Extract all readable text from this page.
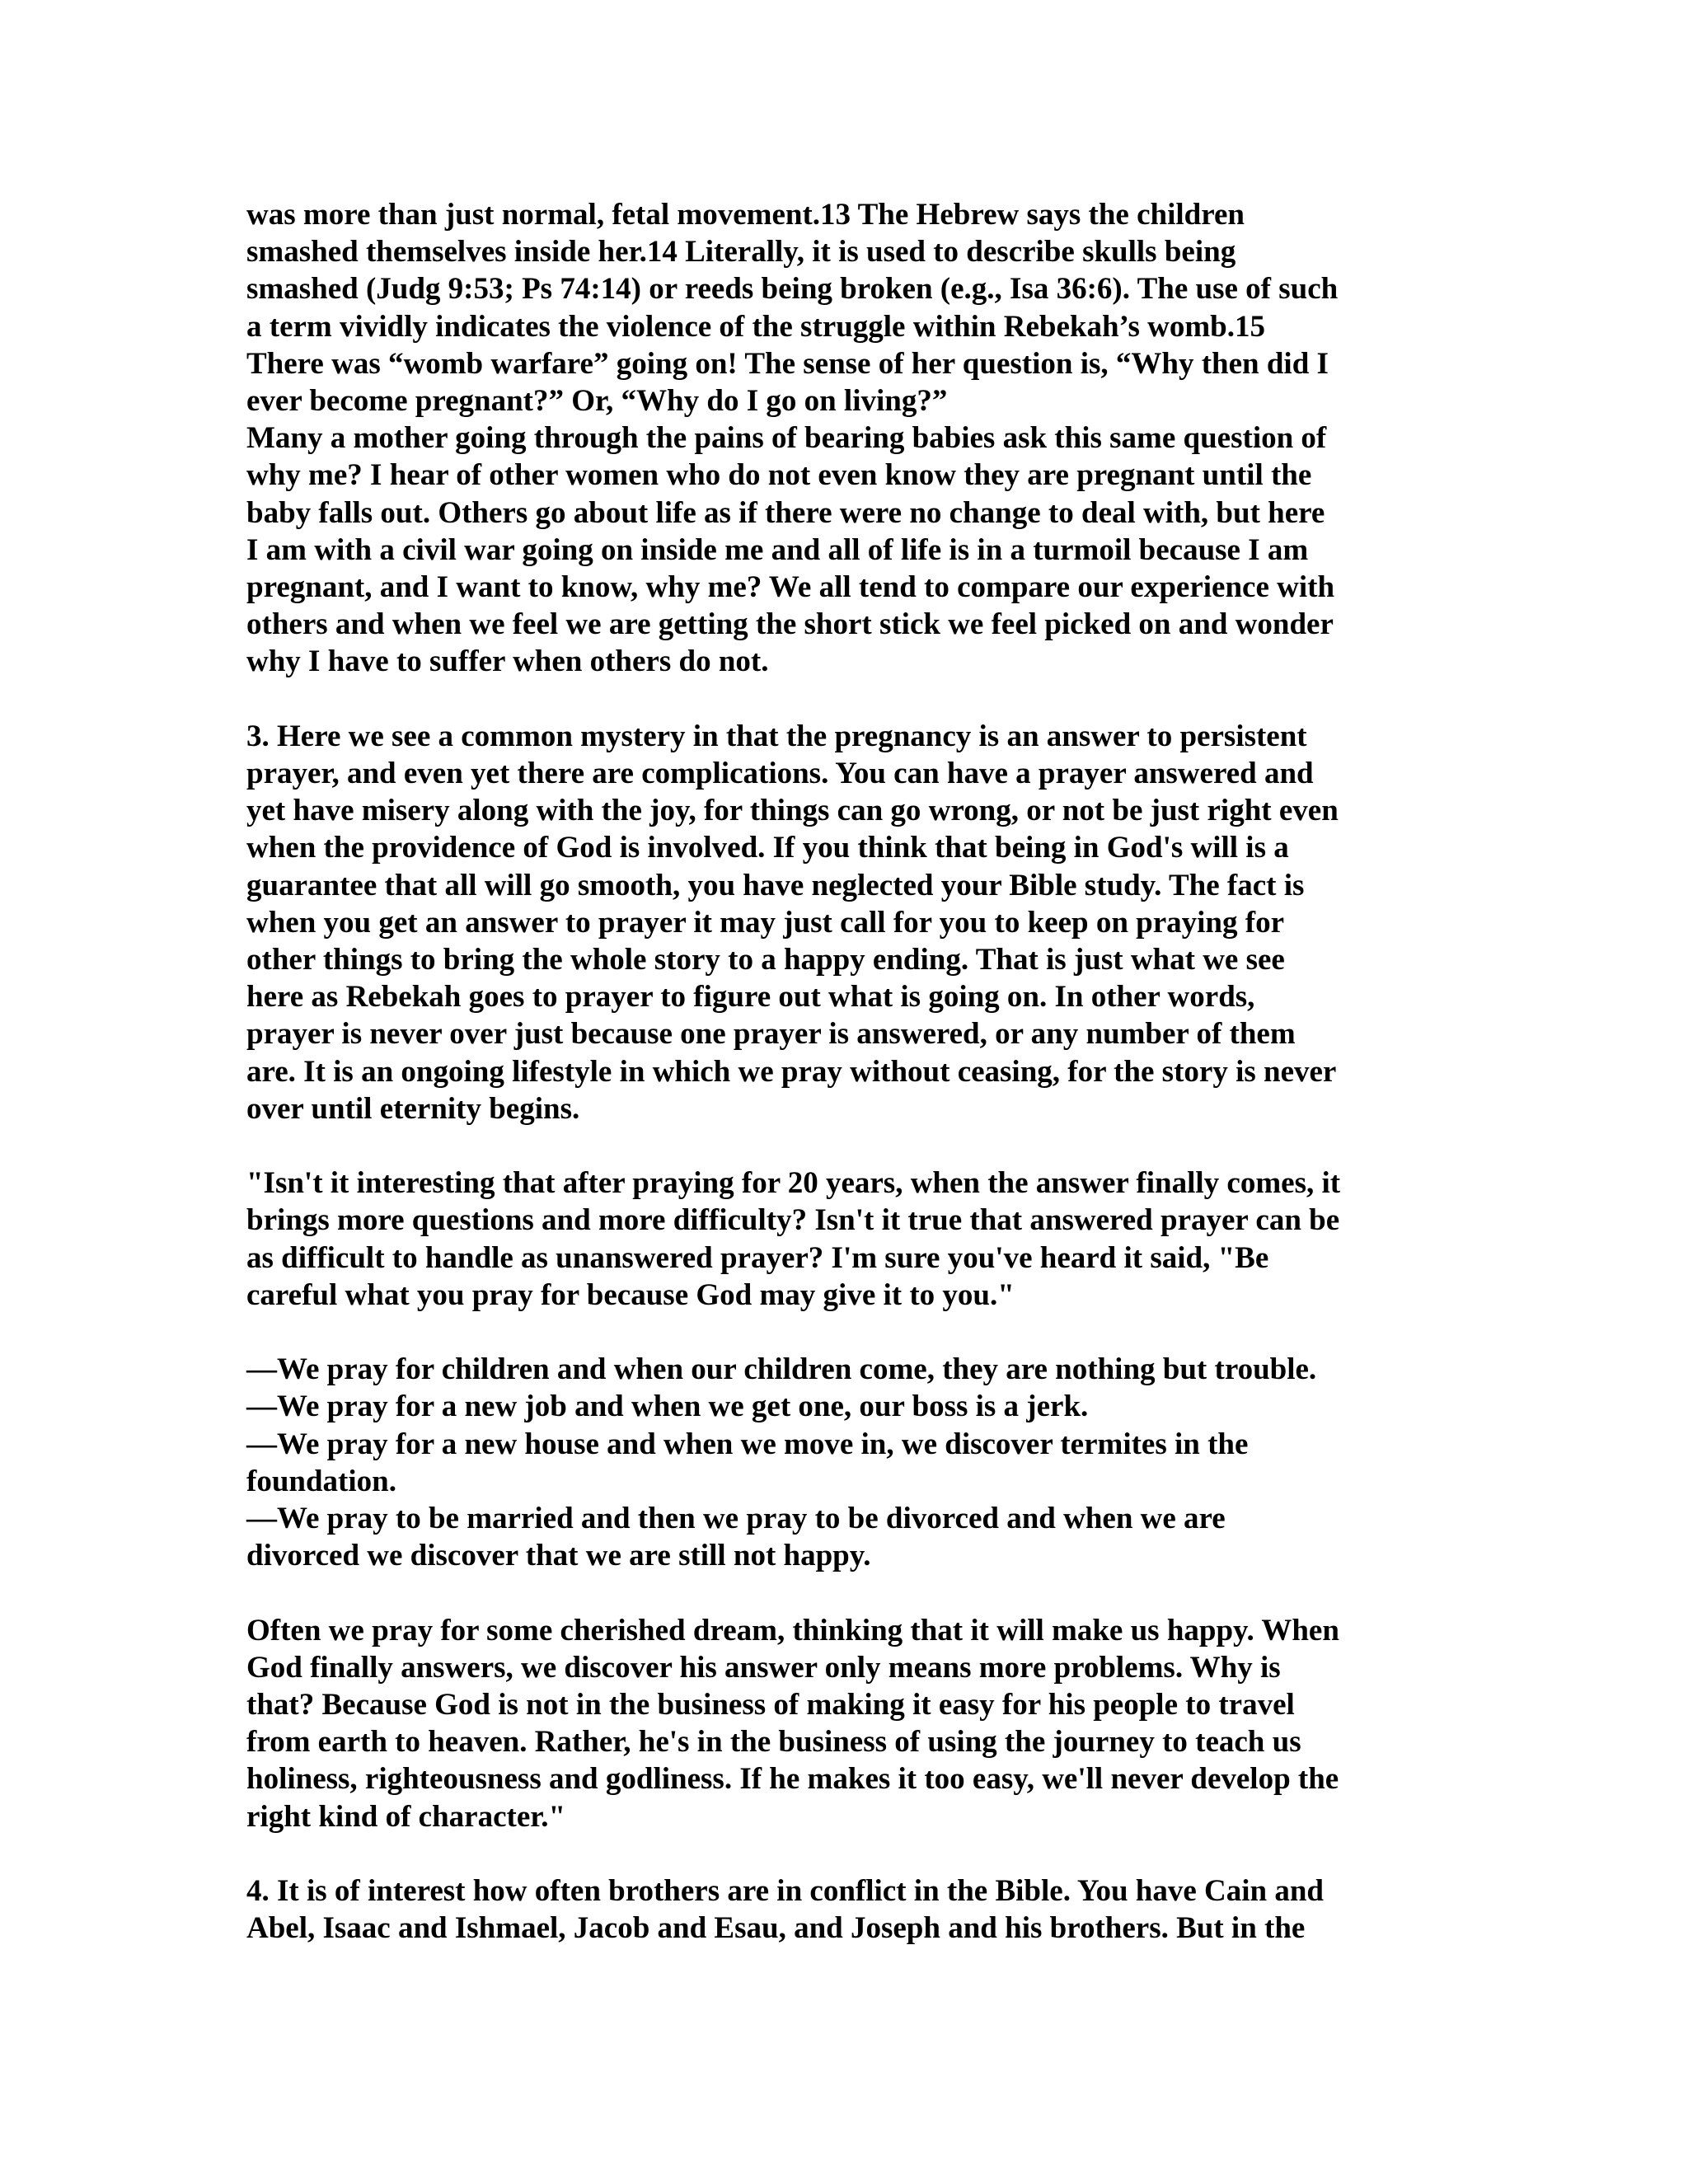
was more than just normal, fetal movement.13 The Hebrew says the children
smashed themselves inside her.14 Literally, it is used to describe skulls being
smashed (Judg 9:53; Ps 74:14) or reeds being broken (e.g., Isa 36:6). The use of such
a term vividly indicates the violence of the struggle within Rebekah’s womb.15
There was “womb warfare” going on! The sense of her question is, “Why then did I
ever become pregnant?” Or, “Why do I go on living?”
Many a mother going through the pains of bearing babies ask this same question of
why me? I hear of other women who do not even know they are pregnant until the
baby falls out. Others go about life as if there were no change to deal with, but here
I am with a civil war going on inside me and all of life is in a turmoil because I am
pregnant, and I want to know, why me? We all tend to compare our experience with
others and when we feel we are getting the short stick we feel picked on and wonder
why I have to suffer when others do not.
3. Here we see a common mystery in that the pregnancy is an answer to persistent
prayer, and even yet there are complications. You can have a prayer answered and
yet have misery along with the joy, for things can go wrong, or not be just right even
when the providence of God is involved. If you think that being in God's will is a
guarantee that all will go smooth, you have neglected your Bible study. The fact is
when you get an answer to prayer it may just call for you to keep on praying for
other things to bring the whole story to a happy ending. That is just what we see
here as Rebekah goes to prayer to figure out what is going on. In other words,
prayer is never over just because one prayer is answered, or any number of them
are. It is an ongoing lifestyle in which we pray without ceasing, for the story is never
over until eternity begins.
"Isn't it interesting that after praying for 20 years, when the answer finally comes, it
brings more questions and more difficulty? Isn't it true that answered prayer can be
as difficult to handle as unanswered prayer? I'm sure you've heard it said, "Be
careful what you pray for because God may give it to you."
—We pray for children and when our children come, they are nothing but trouble.
—We pray for a new job and when we get one, our boss is a jerk.
—We pray for a new house and when we move in, we discover termites in the
foundation.
—We pray to be married and then we pray to be divorced and when we are
divorced we discover that we are still not happy.
Often we pray for some cherished dream, thinking that it will make us happy. When
God finally answers, we discover his answer only means more problems. Why is
that? Because God is not in the business of making it easy for his people to travel
from earth to heaven. Rather, he's in the business of using the journey to teach us
holiness, righteousness and godliness. If he makes it too easy, we'll never develop the
right kind of character."
4. It is of interest how often brothers are in conflict in the Bible. You have Cain and
Abel, Isaac and Ishmael, Jacob and Esau, and Joseph and his brothers. But in the
